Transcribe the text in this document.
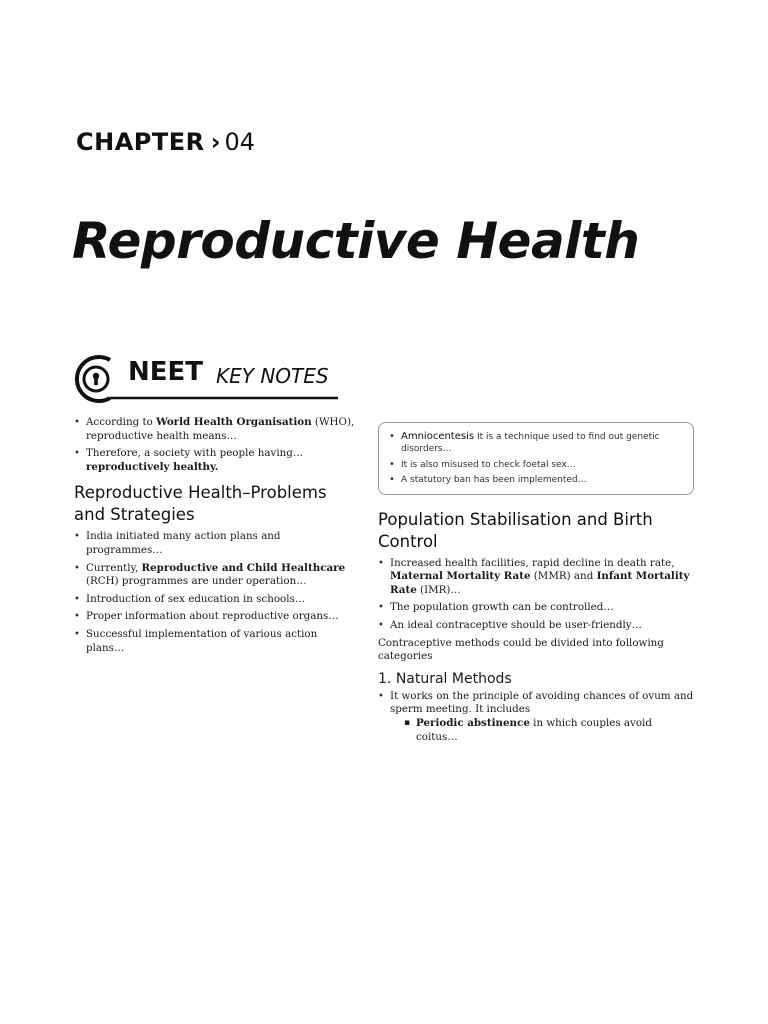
CHAPTER › 04
Reproductive Health
NEET KEY NOTES
• According to World Health Organisation (WHO), reproductive health means…
• Therefore, a society with people having…reproductively healthy.
Reproductive Health–Problems and Strategies
• India initiated many action plans and programmes…
• Currently, Reproductive and Child Healthcare (RCH) programmes are under operation…
• Introduction of sex education in schools…
• Proper information about reproductive organs…
• Successful implementation of various action plans…
• Amniocentesis It is a technique used to find out genetic disorders…
• It is also misused to check foetal sex…
• A statutory ban has been implemented…
Population Stabilisation and Birth Control
• Increased health facilities, rapid decline in death rate, Maternal Mortality Rate (MMR) and Infant Mortality Rate (IMR)…
• The population growth can be controlled…
• An ideal contraceptive should be user-friendly…

Contraceptive methods could be divided into following categories

1. Natural Methods
• It works on the principle of avoiding chances of ovum and sperm meeting. It includes
▪ Periodic abstinence in which couples avoid coitus…
